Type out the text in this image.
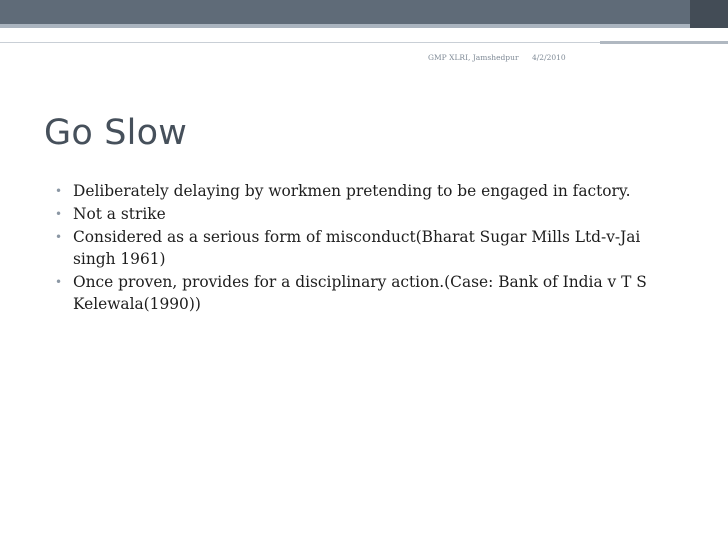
GMP XLRI, Jamshedpur 4/2/2010
Go Slow
• Deliberately delaying by workmen pretending to be engaged in factory.
• Not a strike
• Considered as a serious form of misconduct(Bharat Sugar Mills Ltd-v-Jai singh 1961)
• Once proven, provides for a disciplinary action.(Case: Bank of India v T S Kelewala(1990))
